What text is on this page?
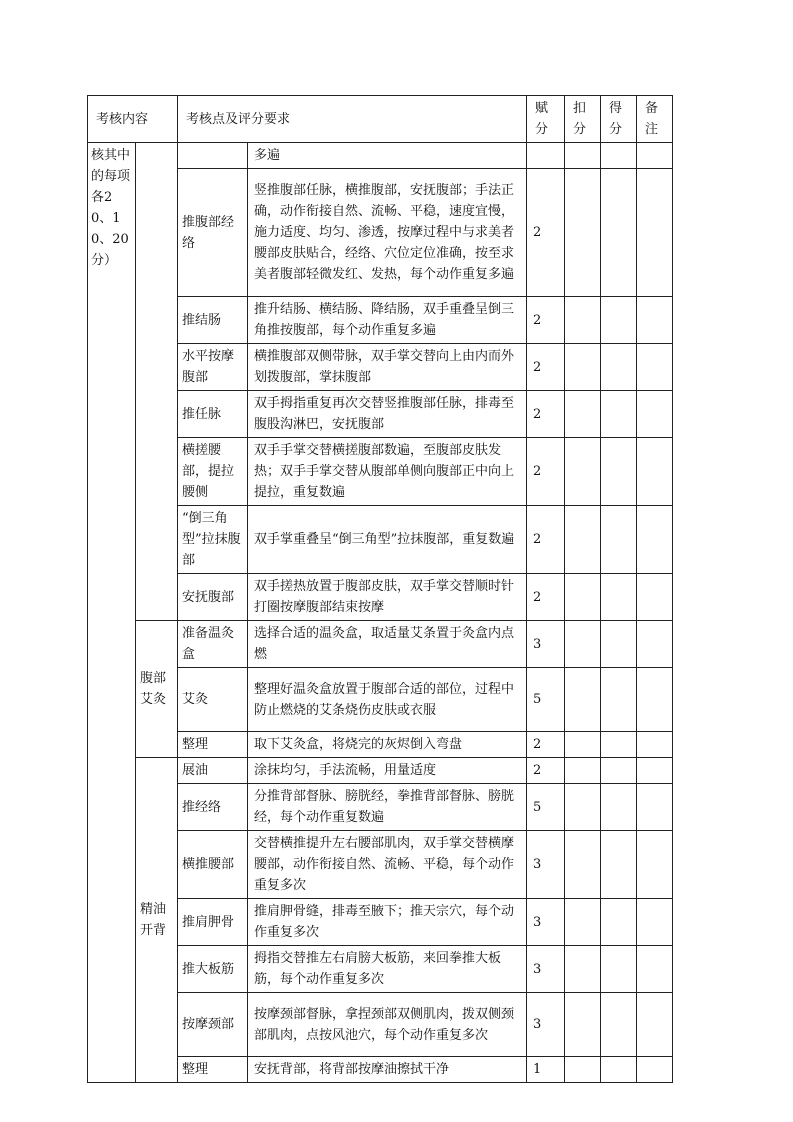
考核内容		考核点及评分要求		赋分	扣分	得分	备注
核其中的每项各20、10、20分）			多遍				
		推腹部经络	竖推腹部任脉，横推腹部，安抚腹部；手法正确，动作衔接自然、流畅、平稳，速度宜慢，施力适度、均匀、渗透，按摩过程中与求美者腰部皮肤贴合，经络、穴位定位准确，按至求美者腹部轻微发红、发热，每个动作重复多遍	2			
		推结肠	推升结肠、横结肠、降结肠，双手重叠呈倒三角推按腹部，每个动作重复多遍	2			
		水平按摩腹部	横推腹部双侧带脉，双手掌交替向上由内而外划拨腹部，掌抹腹部	2			
		推任脉	双手拇指重复再次交替竖推腹部任脉，排毒至腹股沟淋巴，安抚腹部	2			
		横搓腰部，提拉腰侧	双手手掌交替横搓腹部数遍，至腹部皮肤发热；双手手掌交替从腹部单侧向腹部正中向上提拉，重复数遍	2			
		“倒三角型”拉抹腹部	双手掌重叠呈“倒三角型”拉抹腹部，重复数遍	2			
		安抚腹部	双手搓热放置于腹部皮肤，双手掌交替顺时针打圈按摩腹部结束按摩	2			
	腹部艾灸	准备温灸盒	选择合适的温灸盒，取适量艾条置于灸盒内点燃	3			
		艾灸	整理好温灸盒放置于腹部合适的部位，过程中防止燃烧的艾条烧伤皮肤或衣服	5			
		整理	取下艾灸盒，将烧完的灰烬倒入弯盘	2			
	精油开背	展油	涂抹均匀，手法流畅，用量适度	2			
		推经络	分推背部督脉、膀胱经，拳推背部督脉、膀胱经，每个动作重复数遍	5			
		横推腰部	交替横推提升左右腰部肌肉，双手掌交替横摩腰部，动作衔接自然、流畅、平稳，每个动作重复多次	3			
		推肩胛骨	推肩胛骨缝，排毒至腋下；推天宗穴，每个动作重复多次	3			
		推大板筋	拇指交替推左右肩膀大板筋，来回拳推大板筋，每个动作重复多次	3			
		按摩颈部	按摩颈部督脉，拿捏颈部双侧肌肉，拨双侧颈部肌肉，点按风池穴，每个动作重复多次	3			
		整理	安抚背部，将背部按摩油擦拭干净	1			
